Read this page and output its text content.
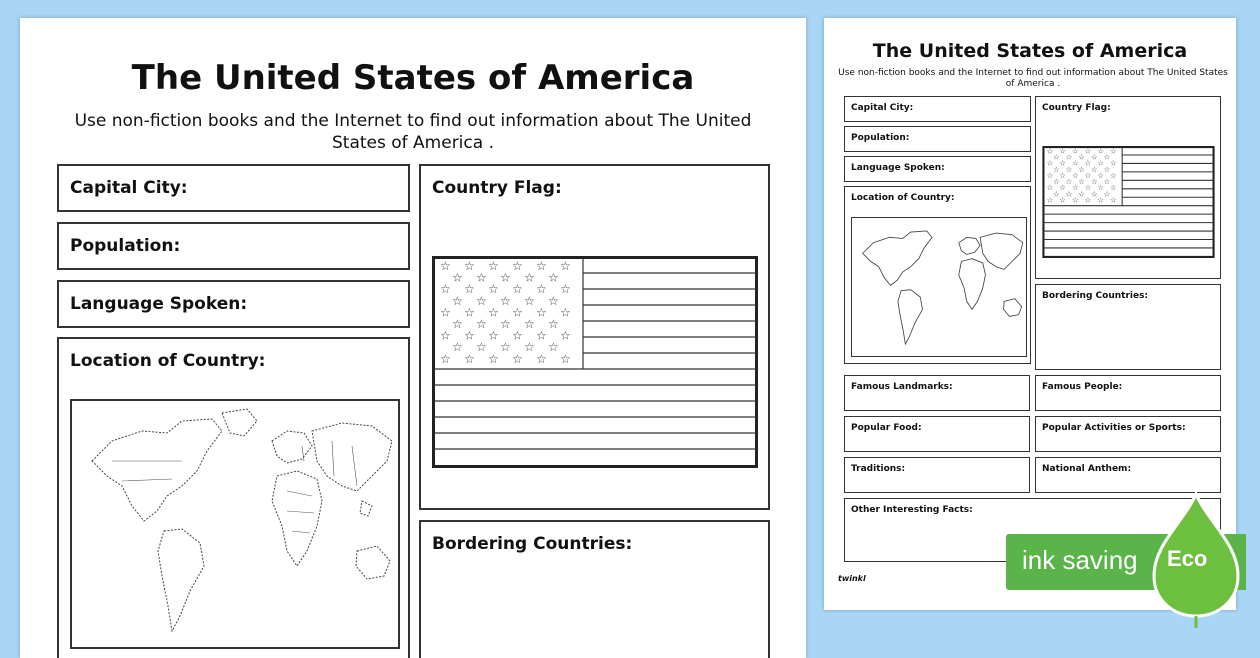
The United States of America
Use non-fiction books and the Internet to find out information about The United States of America .
Capital City:
Population:
Language Spoken:
Location of Country:
Country Flag:
☆ ☆ ☆ ☆ ☆ ☆
☆ ☆ ☆ ☆ ☆
☆ ☆ ☆ ☆ ☆ ☆
☆ ☆ ☆ ☆ ☆
☆ ☆ ☆ ☆ ☆ ☆
☆ ☆ ☆ ☆ ☆
☆ ☆ ☆ ☆ ☆ ☆
☆ ☆ ☆ ☆ ☆
☆ ☆ ☆ ☆ ☆ ☆
Bordering Countries:
The United States of America
Use non-fiction books and the Internet to find out information about The United States of America .
Capital City:
Population:
Language Spoken:
Location of Country:
Country Flag:
☆ ☆ ☆ ☆ ☆ ☆
☆ ☆ ☆ ☆ ☆
☆ ☆ ☆ ☆ ☆ ☆
☆ ☆ ☆ ☆ ☆
☆ ☆ ☆ ☆ ☆ ☆
☆ ☆ ☆ ☆ ☆
☆ ☆ ☆ ☆ ☆ ☆
☆ ☆ ☆ ☆ ☆
☆ ☆ ☆ ☆ ☆ ☆
Bordering Countries:
Famous Landmarks:	Famous People:
Popular Food:	Popular Activities or Sports:
Traditions:	National Anthem:
Other Interesting Facts:
twinkl
ink saving Eco
